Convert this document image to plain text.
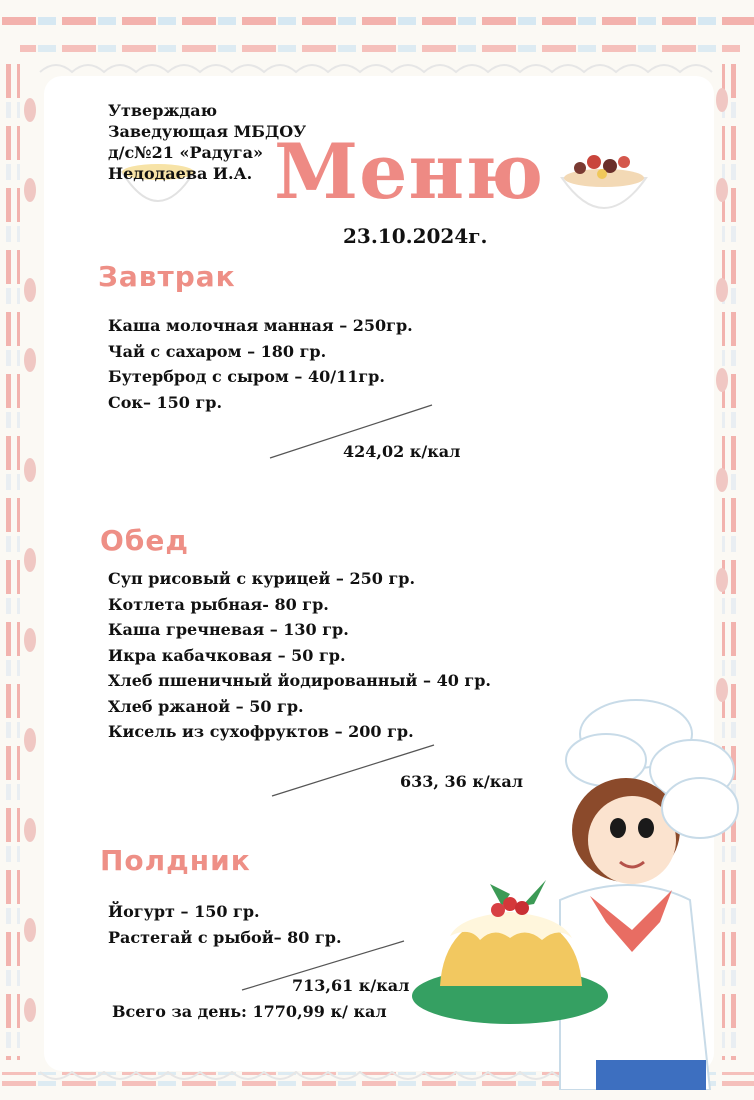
Утверждаю
Заведующая МБДОУ
д/с№21 «Радуга»
Недодаева И.А. Меню
23.10.2024г.
Завтрак
Каша молочная манная – 250гр.
Чай с сахаром – 180 гр.
Бутерброд с сыром – 40/11гр.
Сок– 150 гр.
424,02 к/кал
Обед
Суп рисовый с курицей – 250 гр.
Котлета рыбная- 80 гр.
Каша гречневая – 130 гр.
Икра кабачковая – 50 гр.
Хлеб пшеничный йодированный – 40 гр.
Хлеб ржаной – 50 гр.
Кисель из сухофруктов – 200 гр.
633, 36 к/кал
Полдник
Йогурт – 150 гр.
Растегай с рыбой– 80 гр.
713,61 к/кал
Всего за день: 1770,99 к/ кал
